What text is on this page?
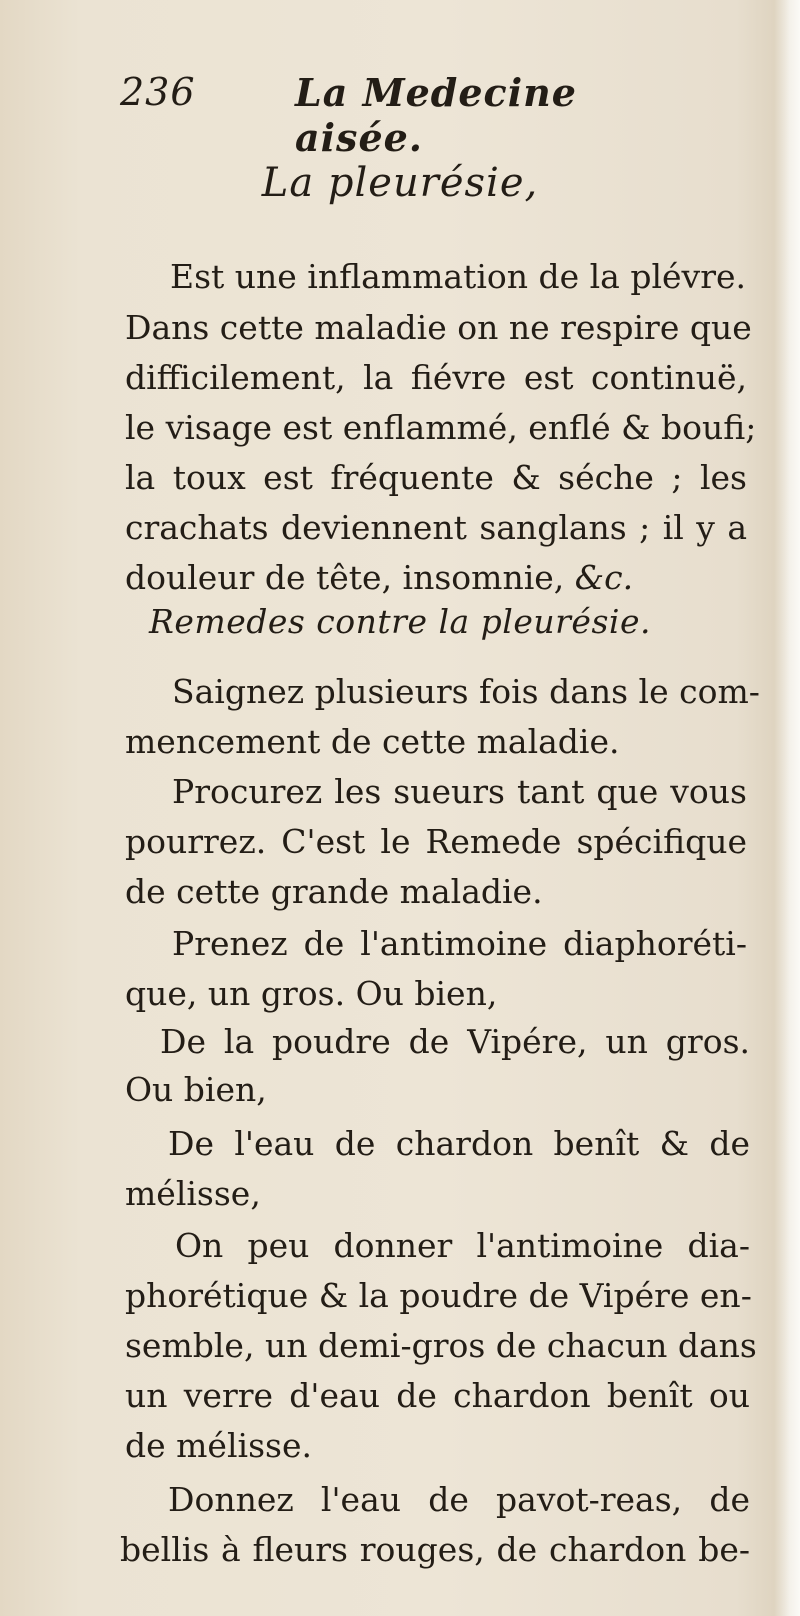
236	La Medecine aisée.
La pleurésie,
Est une inflammation de la plévre.
Dans cette maladie on ne respire que
difficilement, la fiévre est continuë,
le visage est enflammé, enflé & boufi;
la toux est fréquente & séche ; les
crachats deviennent sanglans ; il y a
douleur de tête, insomnie, &c.
Remedes contre la pleurésie.
Saignez plusieurs fois dans le com-
mencement de cette maladie.
Procurez les sueurs tant que vous
pourrez. C'est le Remede spécifique
de cette grande maladie.
Prenez de l'antimoine diaphoréti-
que, un gros. Ou bien,
De la poudre de Vipére, un gros.
Ou bien,
De l'eau de chardon benît & de
mélisse,
On peu donner l'antimoine dia-
phorétique & la poudre de Vipére en-
semble, un demi-gros de chacun dans
un verre d'eau de chardon benît ou
de mélisse.
Donnez l'eau de pavot-reas, de
bellis à fleurs rouges, de chardon be-
